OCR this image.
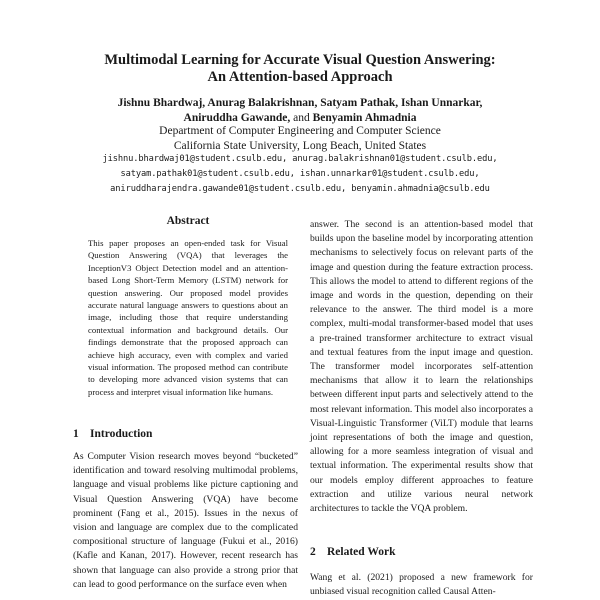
Multimodal Learning for Accurate Visual Question Answering:
An Attention-based Approach
Jishnu Bhardwaj, Anurag Balakrishnan, Satyam Pathak, Ishan Unnarkar,
Aniruddha Gawande, and Benyamin Ahmadnia
Department of Computer Engineering and Computer Science
California State University, Long Beach, United States
jishnu.bhardwaj01@student.csulb.edu, anurag.balakrishnan01@student.csulb.edu,
satyam.pathak01@student.csulb.edu, ishan.unnarkar01@student.csulb.edu,
aniruddharajendra.gawande01@student.csulb.edu, benyamin.ahmadnia@csulb.edu
Abstract
This paper proposes an open-ended task for Visual Question Answering (VQA) that leverages the InceptionV3 Object Detection model and an attention-based Long Short-Term Memory (LSTM) network for question answering. Our proposed model provides accurate natural language answers to questions about an image, including those that require understanding contextual information and background details. Our findings demonstrate that the proposed approach can achieve high accuracy, even with complex and varied visual information. The proposed method can contribute to developing more advanced vision systems that can process and interpret visual information like humans.
1 Introduction
As Computer Vision research moves beyond “bucketed” identification and toward resolving multimodal problems, language and visual problems like picture captioning and Visual Question Answering (VQA) have become prominent (Fang et al., 2015). Issues in the nexus of vision and language are complex due to the complicated compositional structure of language (Fukui et al., 2016) (Kafle and Kanan, 2017). However, recent research has shown that language can also provide a strong prior that can lead to good performance on the surface even when
answer. The second is an attention-based model that builds upon the baseline model by incorporating attention mechanisms to selectively focus on relevant parts of the image and question during the feature extraction process. This allows the model to attend to different regions of the image and words in the question, depending on their relevance to the answer. The third model is a more complex, multi-modal transformer-based model that uses a pre-trained transformer architecture to extract visual and textual features from the input image and question. The transformer model incorporates self-attention mechanisms that allow it to learn the relationships between different input parts and selectively attend to the most relevant information. This model also incorporates a Visual-Linguistic Transformer (ViLT) module that learns joint representations of both the image and question, allowing for a more seamless integration of visual and textual information. The experimental results show that our models employ different approaches to feature extraction and utilize various neural network architectures to tackle the VQA problem.
2 Related Work
Wang et al. (2021) proposed a new framework for unbiased visual recognition called Causal Atten-
